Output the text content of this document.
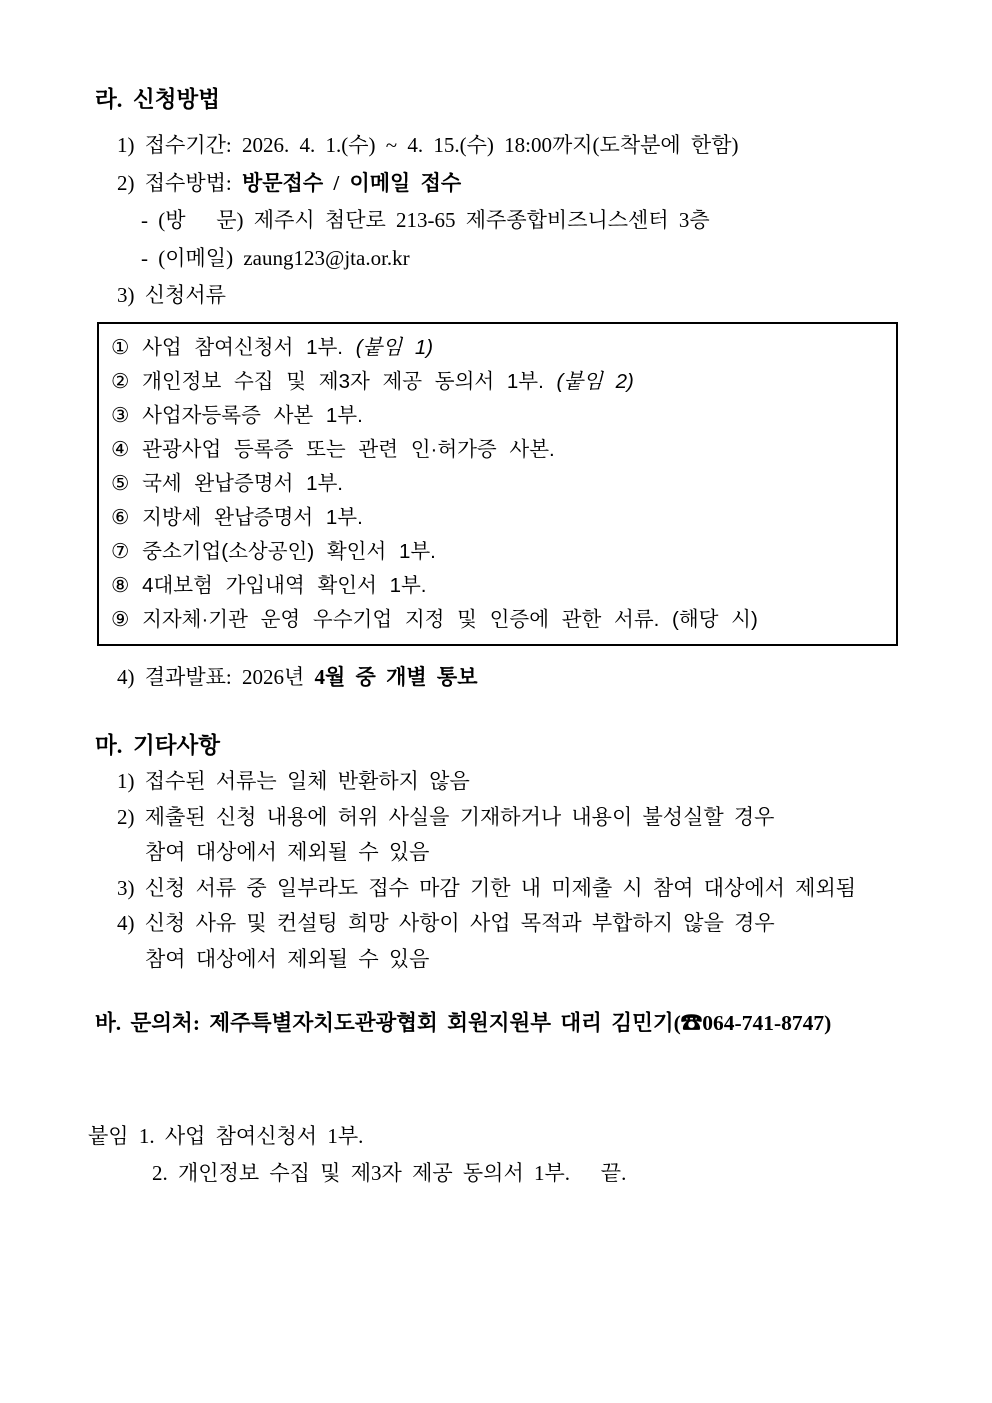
라. 신청방법
1) 접수기간: 2026. 4. 1.(수) ~ 4. 15.(수) 18:00까지(도착분에 한함)
2) 접수방법: 방문접수 / 이메일 접수
- (방   문) 제주시 첨단로 213-65 제주종합비즈니스센터 3층
- (이메일) zaung123@jta.or.kr
3) 신청서류
① 사업 참여신청서 1부. (붙임 1)
② 개인정보 수집 및 제3자 제공 동의서 1부. (붙임 2)
③ 사업자등록증 사본 1부.
④ 관광사업 등록증 또는 관련 인·허가증 사본.
⑤ 국세 완납증명서 1부.
⑥ 지방세 완납증명서 1부.
⑦ 중소기업(소상공인) 확인서 1부.
⑧ 4대보험 가입내역 확인서 1부.
⑨ 지자체·기관 운영 우수기업 지정 및 인증에 관한 서류. (해당 시)
4) 결과발표: 2026년 4월 중 개별 통보
마. 기타사항
1) 접수된 서류는 일체 반환하지 않음
2) 제출된 신청 내용에 허위 사실을 기재하거나 내용이 불성실할 경우
참여 대상에서 제외될 수 있음
3) 신청 서류 중 일부라도 접수 마감 기한 내 미제출 시 참여 대상에서 제외됨
4) 신청 사유 및 컨설팅 희망 사항이 사업 목적과 부합하지 않을 경우
참여 대상에서 제외될 수 있음
바. 문의처: 제주특별자치도관광협회 회원지원부 대리 김민기(☎064-741-8747)
붙임 1. 사업 참여신청서 1부.
2. 개인정보 수집 및 제3자 제공 동의서 1부.   끝.
